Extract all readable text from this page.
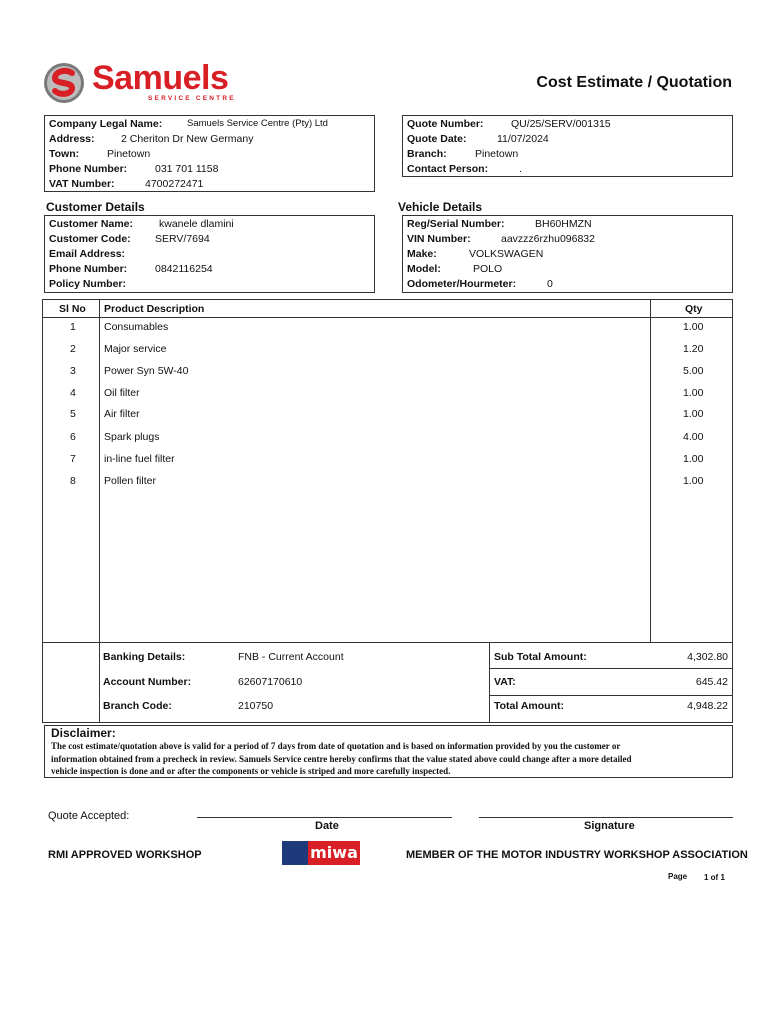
Samuels
SERVICE CENTRE
Cost Estimate / Quotation
Company Legal Name:	Samuels Service Centre (Pty) Ltd
Address:	2 Cheriton Dr New Germany
Town:	Pinetown
Phone Number:	031 701 1158
VAT Number:	4700272471
Quote Number:	QU/25/SERV/001315
Quote Date:	11/07/2024
Branch:	Pinetown
Contact Person:	.
Customer Details	Vehicle Details
Customer Name: kwanele dlamini
Customer Code: SERV/7694
Email Address:
Phone Number:	0842116254
Policy Number:
Reg/Serial Number:	BH60HMZN
VIN Number:	aavzzz6rzhu096832
Make:	VOLKSWAGEN
Model:	POLO
Odometer/Hourmeter:	0
Sl No Product Description	Qty
1	Consumables	1.00
2	Major service	1.20
3	Power Syn 5W-40	5.00
4	Oil filter	1.00
5	Air filter	1.00
6	Spark plugs	4.00
7	in-line fuel filter	1.00
8	Pollen filter	1.00
Banking Details:	FNB - Current Account
Account Number:	62607170610
Branch Code:	210750
Sub Total Amount:	4,302.80
VAT:	645.42
Total Amount:	4,948.22
Disclaimer:
The cost estimate/quotation above is valid for a period of 7 days from date of quotation and is based on information provided by you the customer or
information obtained from a precheck in review. Samuels Service centre hereby confirms that the value stated above could change after a more detailed
vehicle inspection is done and or after the components or vehicle is striped and more carefully inspected.
Quote Accepted:
Date	Signature
RMI APPROVED WORKSHOP	miwa	MEMBER OF THE MOTOR INDUSTRY WORKSHOP ASSOCIATION
Page 1 of 1
